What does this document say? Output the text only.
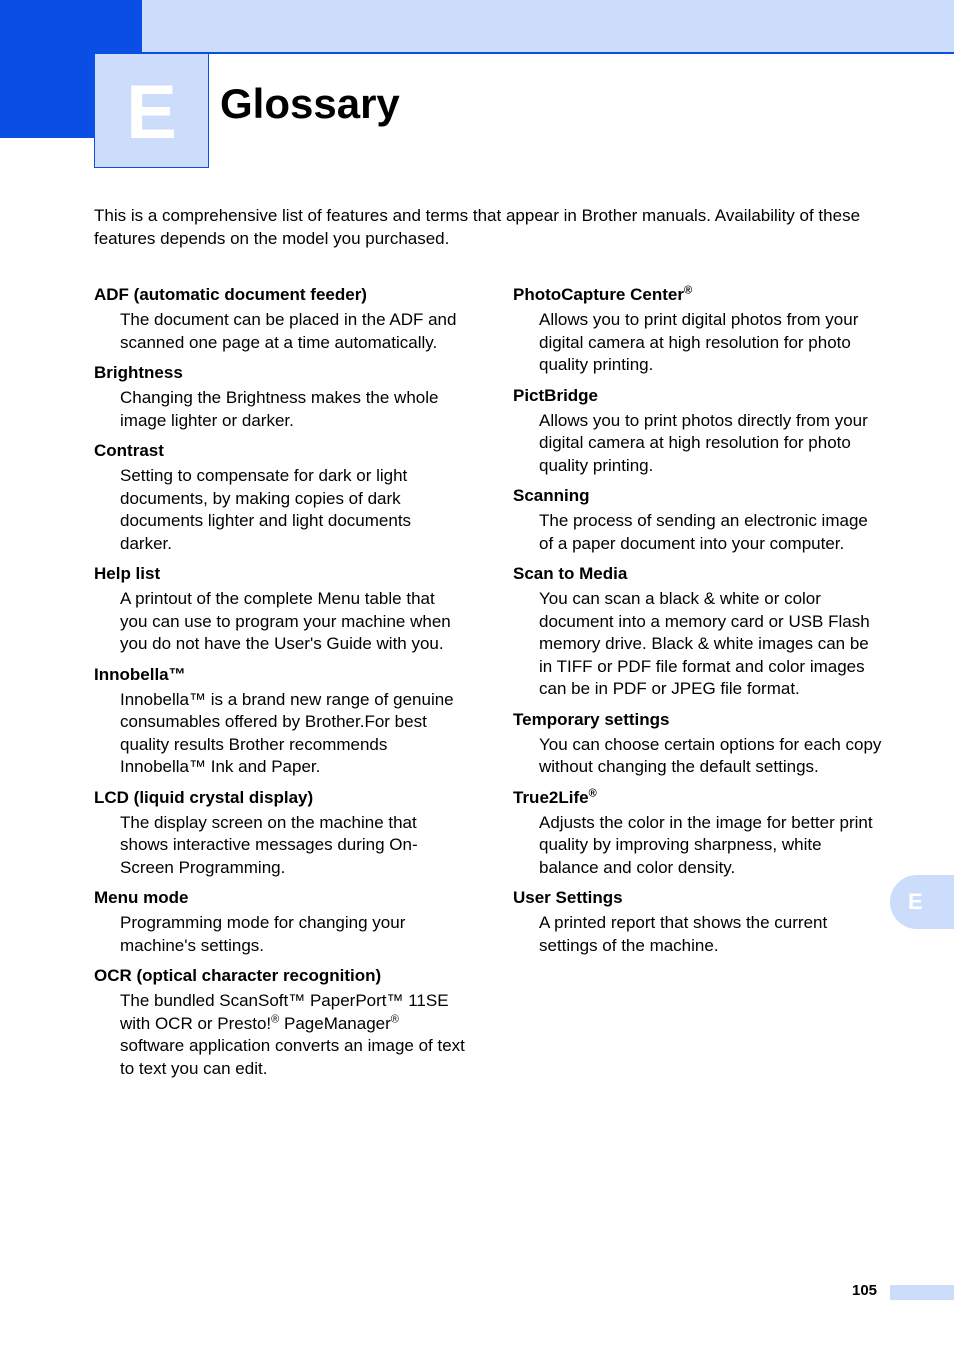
E Glossary

This is a comprehensive list of features and terms that appear in Brother manuals. Availability of these features depends on the model you purchased.

ADF (automatic document feeder)

The document can be placed in the ADF and scanned one page at a time automatically.

Brightness

Changing the Brightness makes the whole image lighter or darker.

Contrast

Setting to compensate for dark or light documents, by making copies of dark documents lighter and light documents darker.

Help list

A printout of the complete Menu table that you can use to program your machine when you do not have the User's Guide with you.

Innobella™

Innobella™ is a brand new range of genuine consumables offered by Brother.For best quality results Brother recommends Innobella™ Ink and Paper.

LCD (liquid crystal display)

The display screen on the machine that shows interactive messages during On-Screen Programming.

Menu mode

Programming mode for changing your machine's settings.

OCR (optical character recognition)

The bundled ScanSoft™ PaperPort™ 11SE with OCR or Presto!® PageManager® software application converts an image of text to text you can edit.

PhotoCapture Center®

Allows you to print digital photos from your digital camera at high resolution for photo quality printing.

PictBridge

Allows you to print photos directly from your digital camera at high resolution for photo quality printing.

Scanning

The process of sending an electronic image of a paper document into your computer.

Scan to Media

You can scan a black & white or color document into a memory card or USB Flash memory drive. Black & white images can be in TIFF or PDF file format and color images can be in PDF or JPEG file format.

Temporary settings

You can choose certain options for each copy without changing the default settings.

True2Life®

Adjusts the color in the image for better print quality by improving sharpness, white balance and color density.

User Settings

A printed report that shows the current settings of the machine.

E
105
